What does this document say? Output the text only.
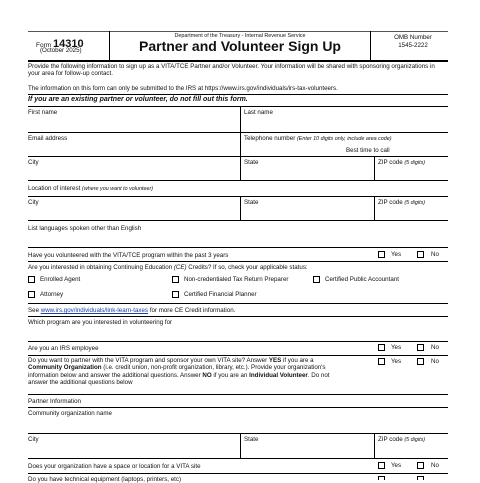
Form 14310
(October 2025)
Department of the Treasury - Internal Revenue Service
Partner and Volunteer Sign Up
OMB Number
1545-2222
Provide the following information to sign up as a VITA/TCE Partner and/or Volunteer. Your information will be shared with sponsoring organizations in your area for follow-up contact.
The information on this form can only be submitted to the IRS at https://www.irs.gov/individuals/irs-tax-volunteers.
If you are an existing partner or volunteer, do not fill out this form.
First name	Last name
Email address	Telephone number (Enter 10 digits only, include area code)
Best time to call
City	State	ZIP code (5 digits)
Location of interest (where you want to volunteer)
City	State	ZIP code (5 digits)
List languages spoken other than English
Have you volunteered with the VITA/TCE program within the past 3 years	Yes	No
Are you interested in obtaining Continuing Education (CE) Credits? If so, check your applicable status:
Enrolled Agent	Non-credentialed Tax Return Preparer	Certified Public Accountant
Attorney	Certified Financial Planner
See www.irs.gov/individuals/link-learn-taxes for more CE Credit information.
Which program are you interested in volunteering for
Are you an IRS employee	Yes	No
Do you want to partner with the VITA program and sponsor your own VITA site? Answer YES if you are a
Community Organization (i.e. credit union, non-profit organization, library, etc.). Provide your organization's
information below and answer the additional questions. Answer NO if you are an Individual Volunteer. Do not
answer the additional questions below
Yes	No
Partner Information
Community organization name
City	State	ZIP code (5 digits)
Does your organization have a space or location for a VITA site	Yes	No
Do you have technical equipment (laptops, printers, etc)
